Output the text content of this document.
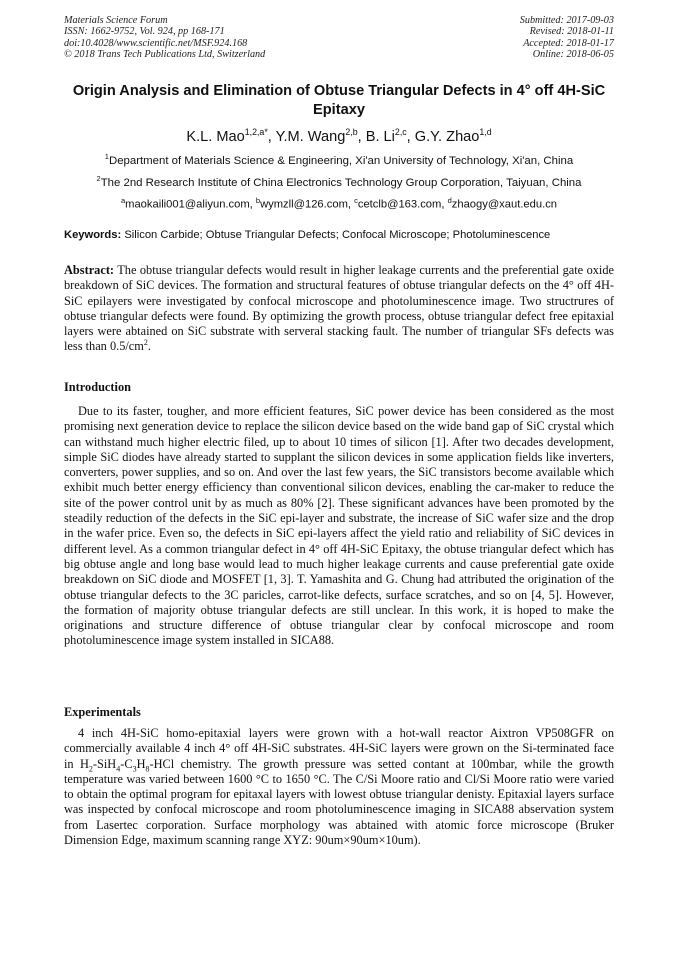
Materials Science Forum
ISSN: 1662-9752, Vol. 924, pp 168-171
doi:10.4028/www.scientific.net/MSF.924.168
© 2018 Trans Tech Publications Ltd, Switzerland
Submitted: 2017-09-03
Revised: 2018-01-11
Accepted: 2018-01-17
Online: 2018-06-05
Origin Analysis and Elimination of Obtuse Triangular Defects in 4° off 4H-SiC Epitaxy
K.L. Mao$^{1,2,a*}$, Y.M. Wang$^{2,b}$, B. Li$^{2,c}$, G.Y. Zhao$^{1,d}$
$^1$Department of Materials Science & Engineering, Xi'an University of Technology, Xi'an, China
$^2$The 2nd Research Institute of China Electronics Technology Group Corporation, Taiyuan, China
$^a$maokaili001@aliyun.com, $^b$wymzll@126.com, $^c$cetclb@163.com, $^d$zhaogy@xaut.edu.cn
Keywords: Silicon Carbide; Obtuse Triangular Defects; Confocal Microscope; Photoluminescence
Abstract: The obtuse triangular defects would result in higher leakage currents and the preferential gate oxide breakdown of SiC devices. The formation and structural features of obtuse triangular defects on the 4° off 4H-SiC epilayers were investigated by confocal microscope and photoluminescence image. Two structrures of obtuse triangular defects were found. By optimizing the growth process, obtuse triangular defect free epitaxial layers were abtained on SiC substrate with serveral stacking fault. The number of triangular SFs defects was less than $0.5/cm^2$.
Introduction
Due to its faster, tougher, and more efficient features, SiC power device has been considered as the most promising next generation device to replace the silicon device based on the wide band gap of SiC crystal which can withstand much higher electric filed, up to about 10 times of silicon [1]. After two decades development, simple SiC diodes have already started to supplant the silicon devices in some application fields like inverters, converters, power supplies, and so on. And over the last few years, the SiC transistors become available which exhibit much better energy efficiency than conventional silicon devices, enabling the car-maker to reduce the site of the power control unit by as much as 80% [2]. These significant advances have been promoted by the steadily reduction of the defects in the SiC epi-layer and substrate, the increase of SiC wafer size and the drop in the wafer price. Even so, the defects in SiC epi-layers affect the yield ratio and reliability of SiC devices in different level. As a common triangular defect in 4° off 4H-SiC Epitaxy, the obtuse triangular defect which has big obtuse angle and long base would lead to much higher leakage currents and cause preferential gate oxide breakdown on SiC diode and MOSFET [1, 3]. T. Yamashita and G. Chung had attributed the origination of the obtuse triangular defects to the 3C paricles, carrot-like defects, surface scratches, and so on [4, 5]. However, the formation of majority obtuse triangular defects are still unclear. In this work, it is hoped to make the originations and structure difference of obtuse triangular clear by confocal microscope and room photoluminescence image system installed in SICA88.
Experimentals
4 inch 4H-SiC homo-epitaxial layers were grown with a hot-wall reactor Aixtron VP508GFR on commercially available 4 inch 4° off 4H-SiC substrates. 4H-SiC layers were grown on the Si-terminated face in $H_2-SiH_4-C_3H_8$-HCl chemistry. The growth pressure was setted contant at 100mbar, while the growth temperature was varied between 1600 °C to 1650 °C. The C/Si Moore ratio and Cl/Si Moore ratio were varied to obtain the optimal program for epitaxal layers with lowest obtuse triangular denisty. Epitaxial layers surface was inspected by confocal microscope and room photoluminescence imaging in SICA88 abservation system from Lasertec corporation. Surface morphology was abtained with atomic force microscope (Bruker Dimension Edge, maximum scanning range XYZ: 90um×90um×10um).
